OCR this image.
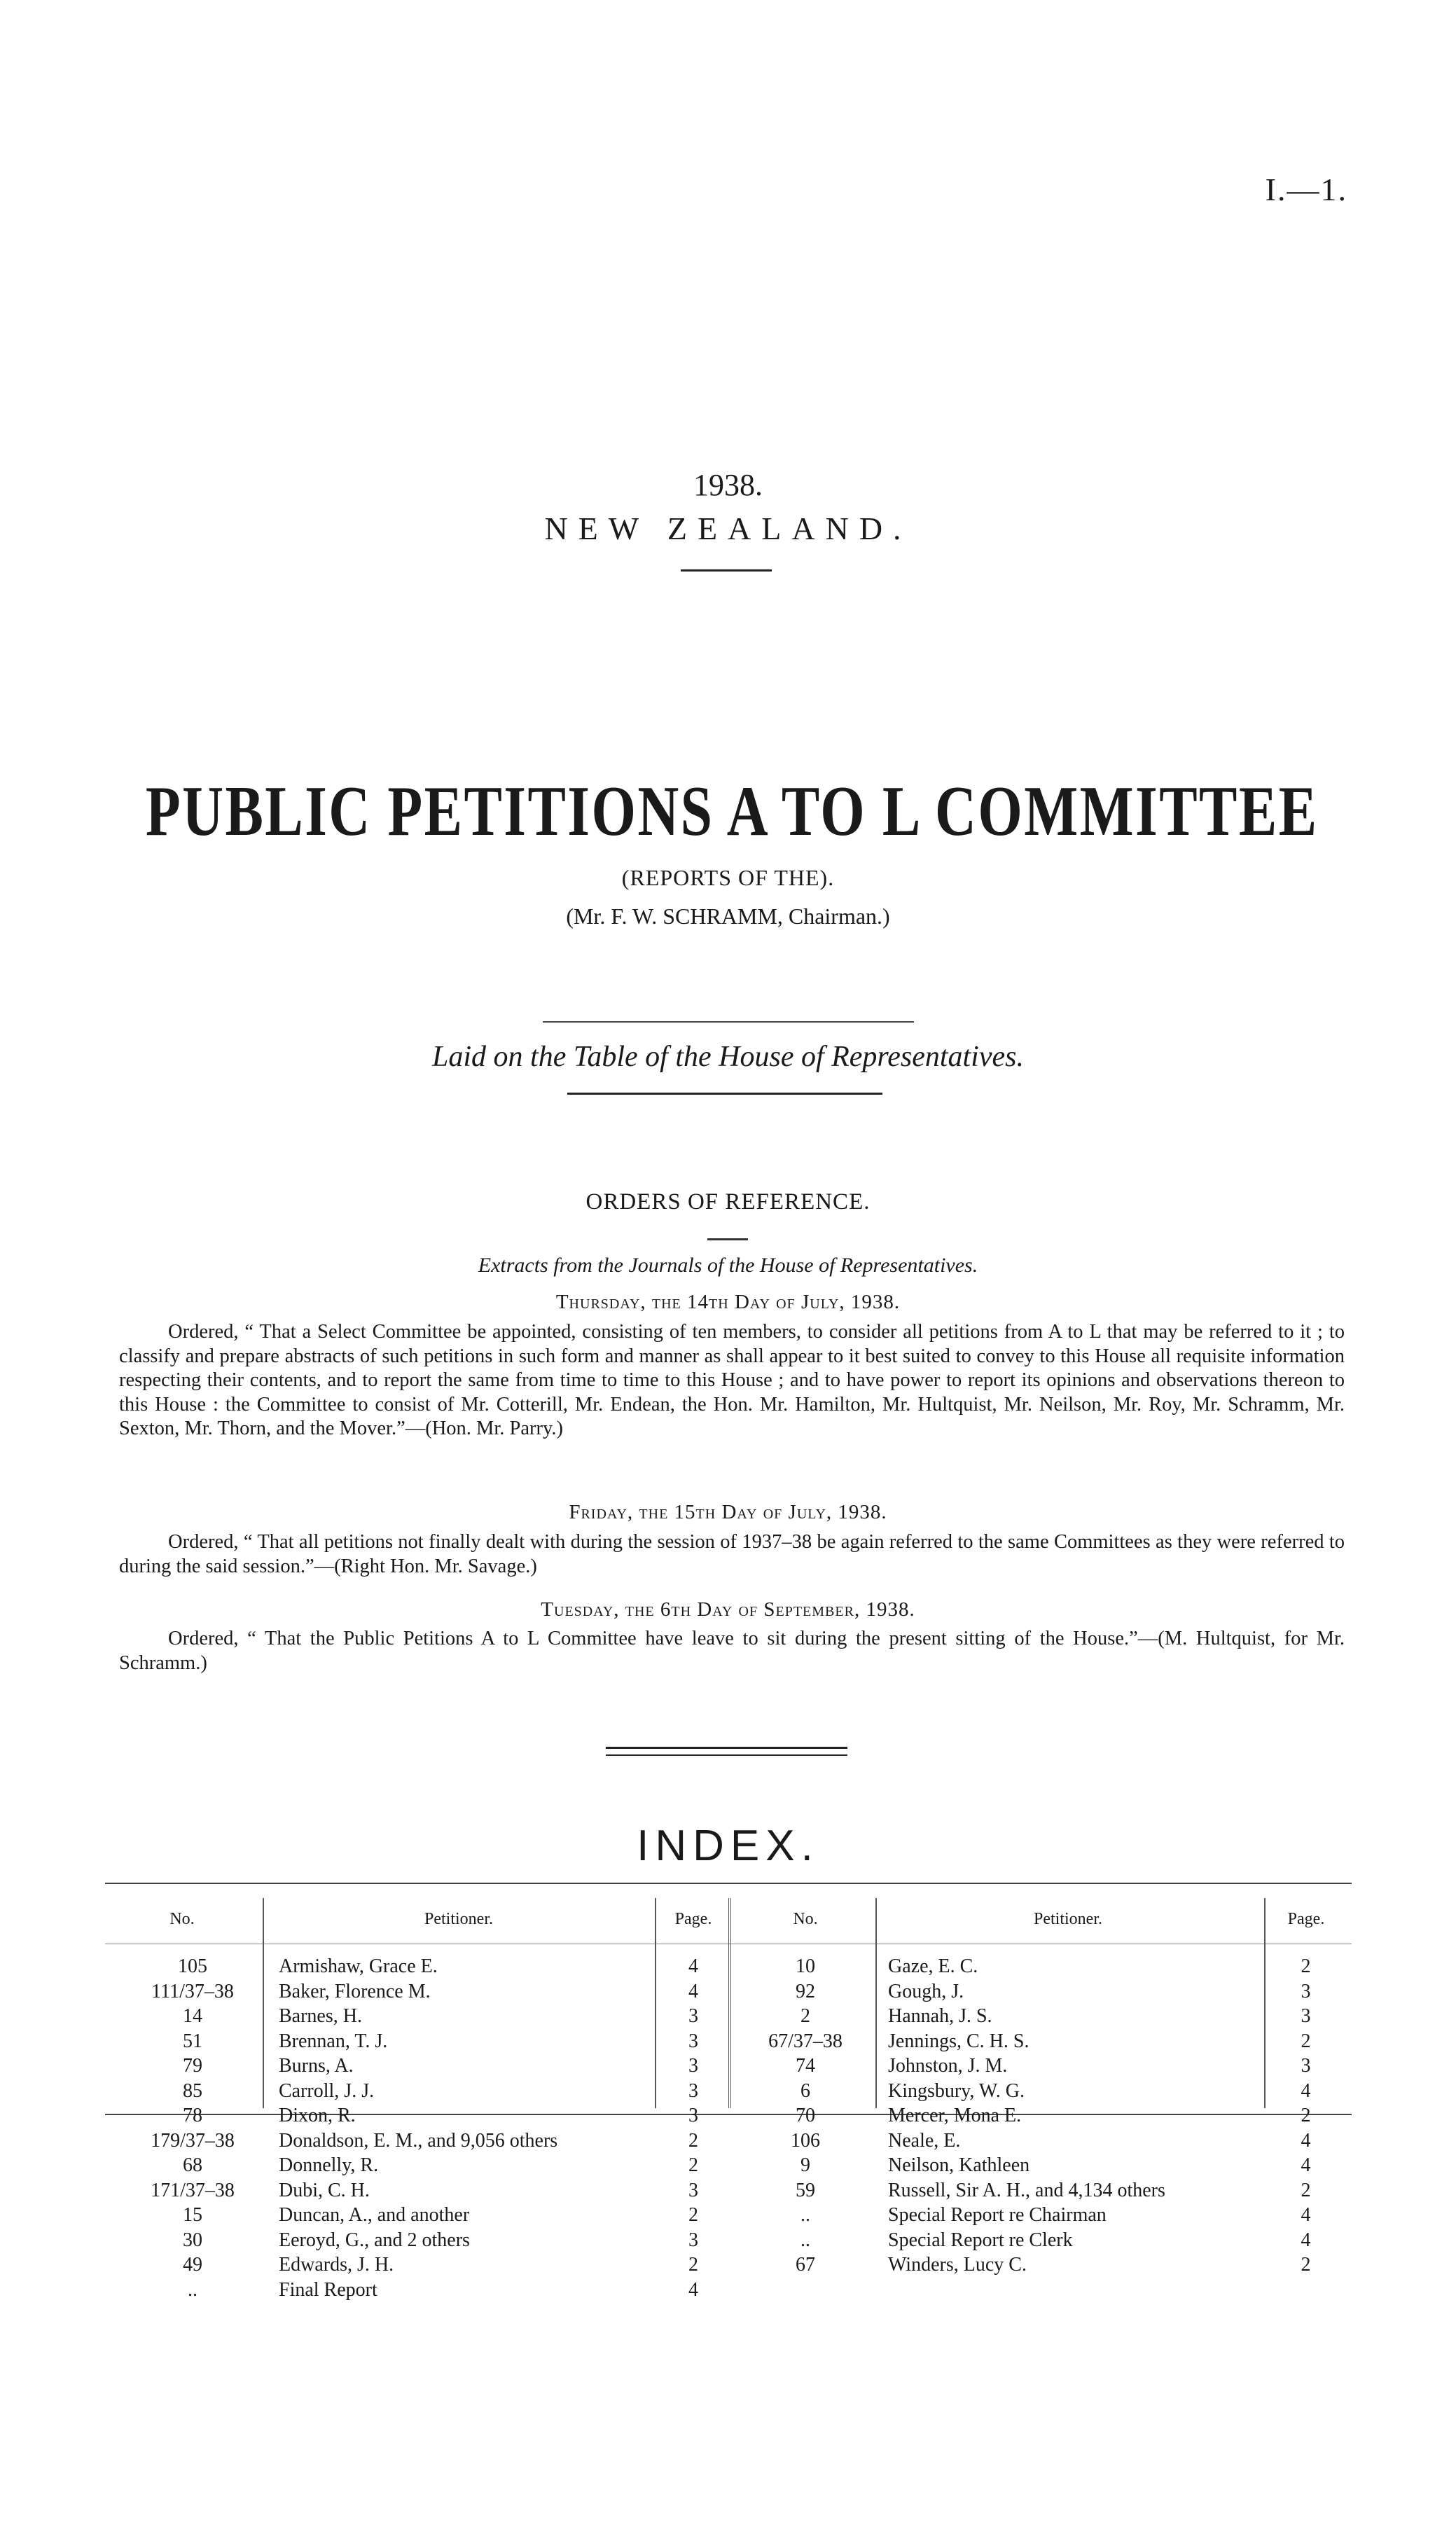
I.—1.
1938.
NEW ZEALAND.
PUBLIC PETITIONS A TO L COMMITTEE
(REPORTS OF THE).
(Mr. F. W. SCHRAMM, Chairman.)
Laid on the Table of the House of Representatives.
ORDERS OF REFERENCE.
Extracts from the Journals of the House of Representatives.
Thursday, the 14th Day of July, 1938.
Ordered, “ That a Select Committee be appointed, consisting of ten members, to consider all petitions from A to L that may be referred to it ; to classify and prepare abstracts of such petitions in such form and manner as shall appear to it best suited to convey to this House all requisite information respecting their contents, and to report the same from time to time to this House ; and to have power to report its opinions and observations thereon to this House : the Committee to consist of Mr. Cotterill, Mr. Endean, the Hon. Mr. Hamilton, Mr. Hultquist, Mr. Neilson, Mr. Roy, Mr. Schramm, Mr. Sexton, Mr. Thorn, and the Mover.”—(Hon. Mr. Parry.)
Friday, the 15th Day of July, 1938.
Ordered, “ That all petitions not finally dealt with during the session of 1937–38 be again referred to the same Committees as they were referred to during the said session.”—(Right Hon. Mr. Savage.)
Tuesday, the 6th Day of September, 1938.
Ordered, “ That the Public Petitions A to L Committee have leave to sit during the present sitting of the House.”—(M. Hultquist, for Mr. Schramm.)
INDEX.
No.	Petitioner.	Page.	No.	Petitioner.	Page.
105	Armishaw, Grace E.	4
111/37–38	Baker, Florence M.	4
14	Barnes, H.	3
51	Brennan, T. J.	3
79	Burns, A.	3
85	Carroll, J. J.	3
78	Dixon, R.	3
179/37–38	Donaldson, E. M., and 9,056 others	2
68	Donnelly, R.	2
171/37–38	Dubi, C. H.	3
15	Duncan, A., and another	2
30	Eeroyd, G., and 2 others	3
49	Edwards, J. H.	2
..	Final Report	4
10	Gaze, E. C.	2
92	Gough, J.	3
2	Hannah, J. S.	3
67/37–38	Jennings, C. H. S.	2
74	Johnston, J. M.	3
6	Kingsbury, W. G.	4
70	Mercer, Mona E.	2
106	Neale, E.	4
9	Neilson, Kathleen	4
59	Russell, Sir A. H., and 4,134 others	2
..	Special Report re Chairman	4
..	Special Report re Clerk	4
67	Winders, Lucy C.	2
